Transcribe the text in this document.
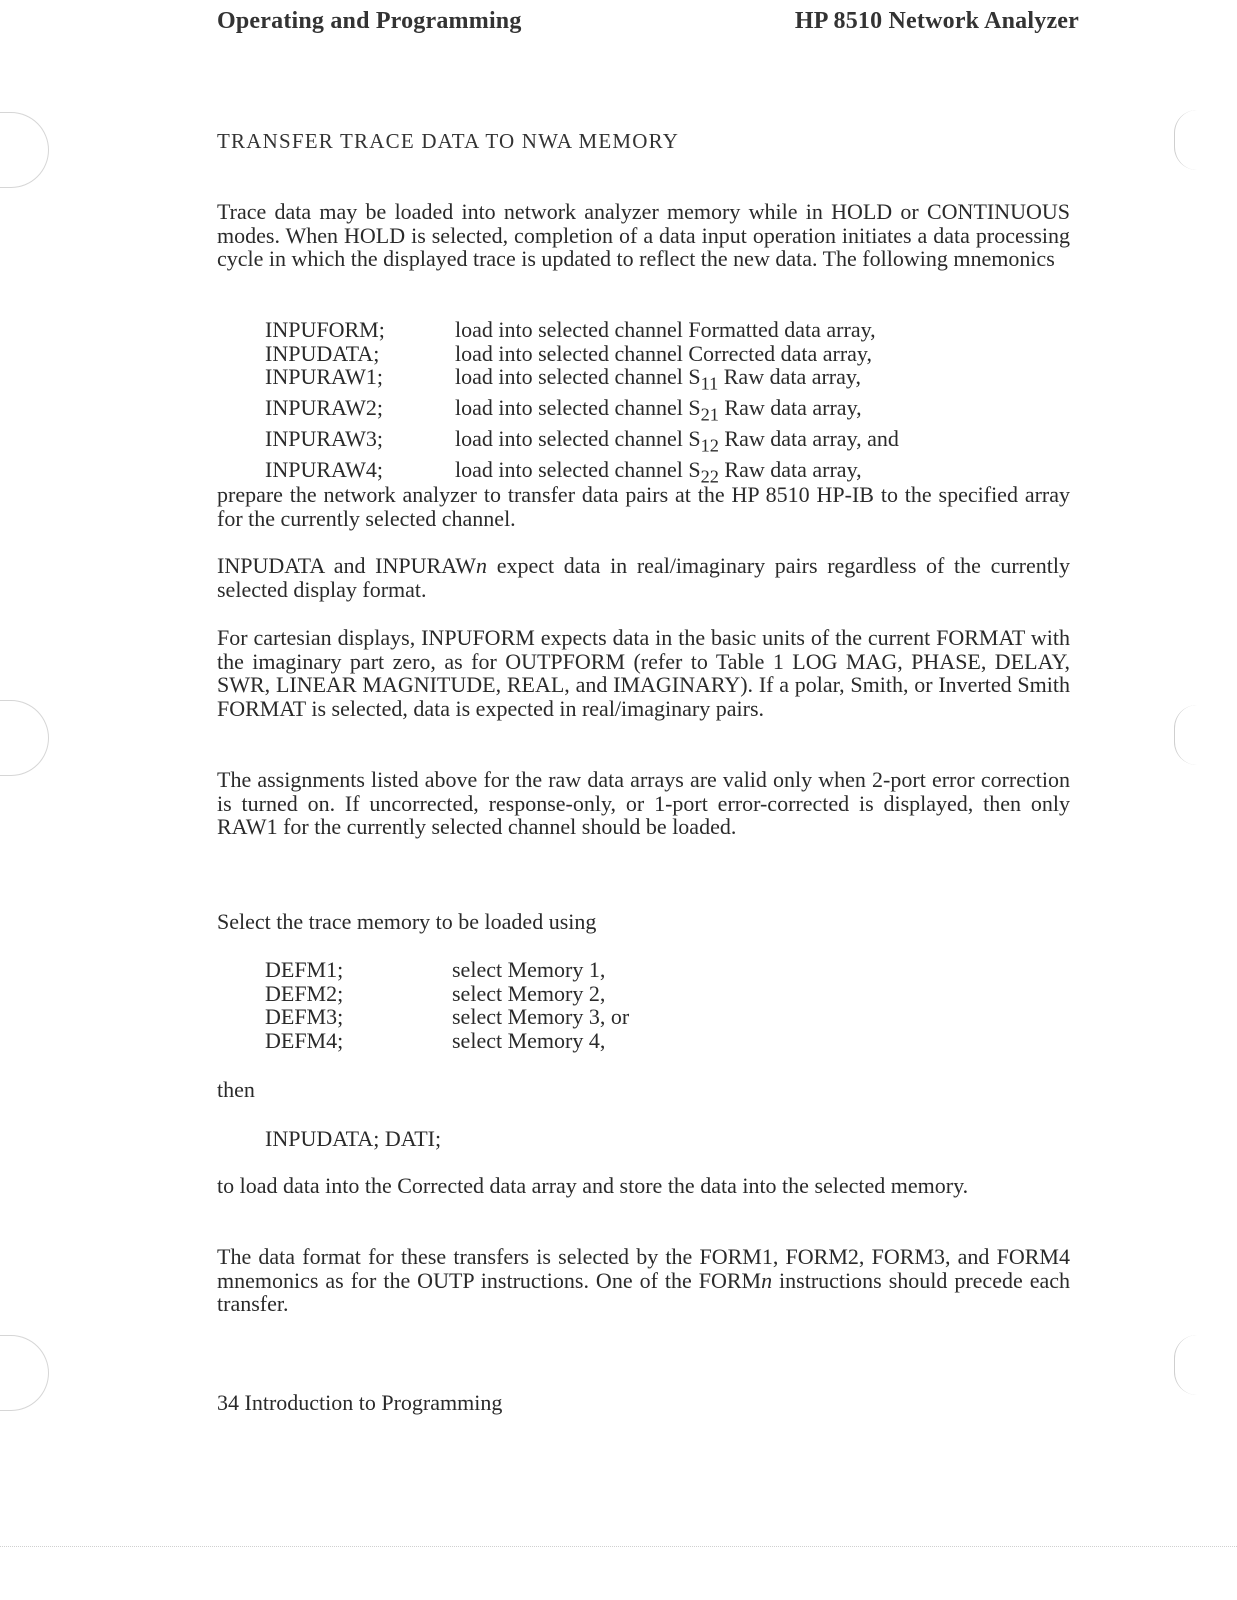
Operating and Programming	HP 8510 Network Analyzer
TRANSFER TRACE DATA TO NWA MEMORY
Trace data may be loaded into network analyzer memory while in HOLD or CONTINUOUS modes. When HOLD is selected, completion of a data input operation initiates a data processing cycle in which the displayed trace is updated to reflect the new data. The following mnemonics
INPUFORM;	load into selected channel Formatted data array,
INPUDATA;	load into selected channel Corrected data array,
INPURAW1;	load into selected channel $S_{11}$ Raw data array,
INPURAW2;	load into selected channel $S_{21}$ Raw data array,
INPURAW3;	load into selected channel $S_{12}$ Raw data array, and
INPURAW4;	load into selected channel $S_{22}$ Raw data array,
prepare the network analyzer to transfer data pairs at the HP 8510 HP-IB to the specified array for the currently selected channel.
INPUDATA and INPURAWn expect data in real/imaginary pairs regardless of the currently selected display format.
For cartesian displays, INPUFORM expects data in the basic units of the current FORMAT with the imaginary part zero, as for OUTPFORM (refer to Table 1 LOG MAG, PHASE, DELAY, SWR, LINEAR MAGNITUDE, REAL, and IMAGINARY). If a polar, Smith, or Inverted Smith FORMAT is selected, data is expected in real/imaginary pairs.
The assignments listed above for the raw data arrays are valid only when 2-port error correction is turned on. If uncorrected, response-only, or 1-port error-corrected is displayed, then only RAW1 for the currently selected channel should be loaded.
Select the trace memory to be loaded using
DEFM1;	select Memory 1,
DEFM2;	select Memory 2,
DEFM3;	select Memory 3, or
DEFM4;	select Memory 4,
then
INPUDATA; DATI;
to load data into the Corrected data array and store the data into the selected memory.
The data format for these transfers is selected by the FORM1, FORM2, FORM3, and FORM4 mnemonics as for the OUTP instructions. One of the FORMn instructions should precede each transfer.
34 Introduction to Programming
